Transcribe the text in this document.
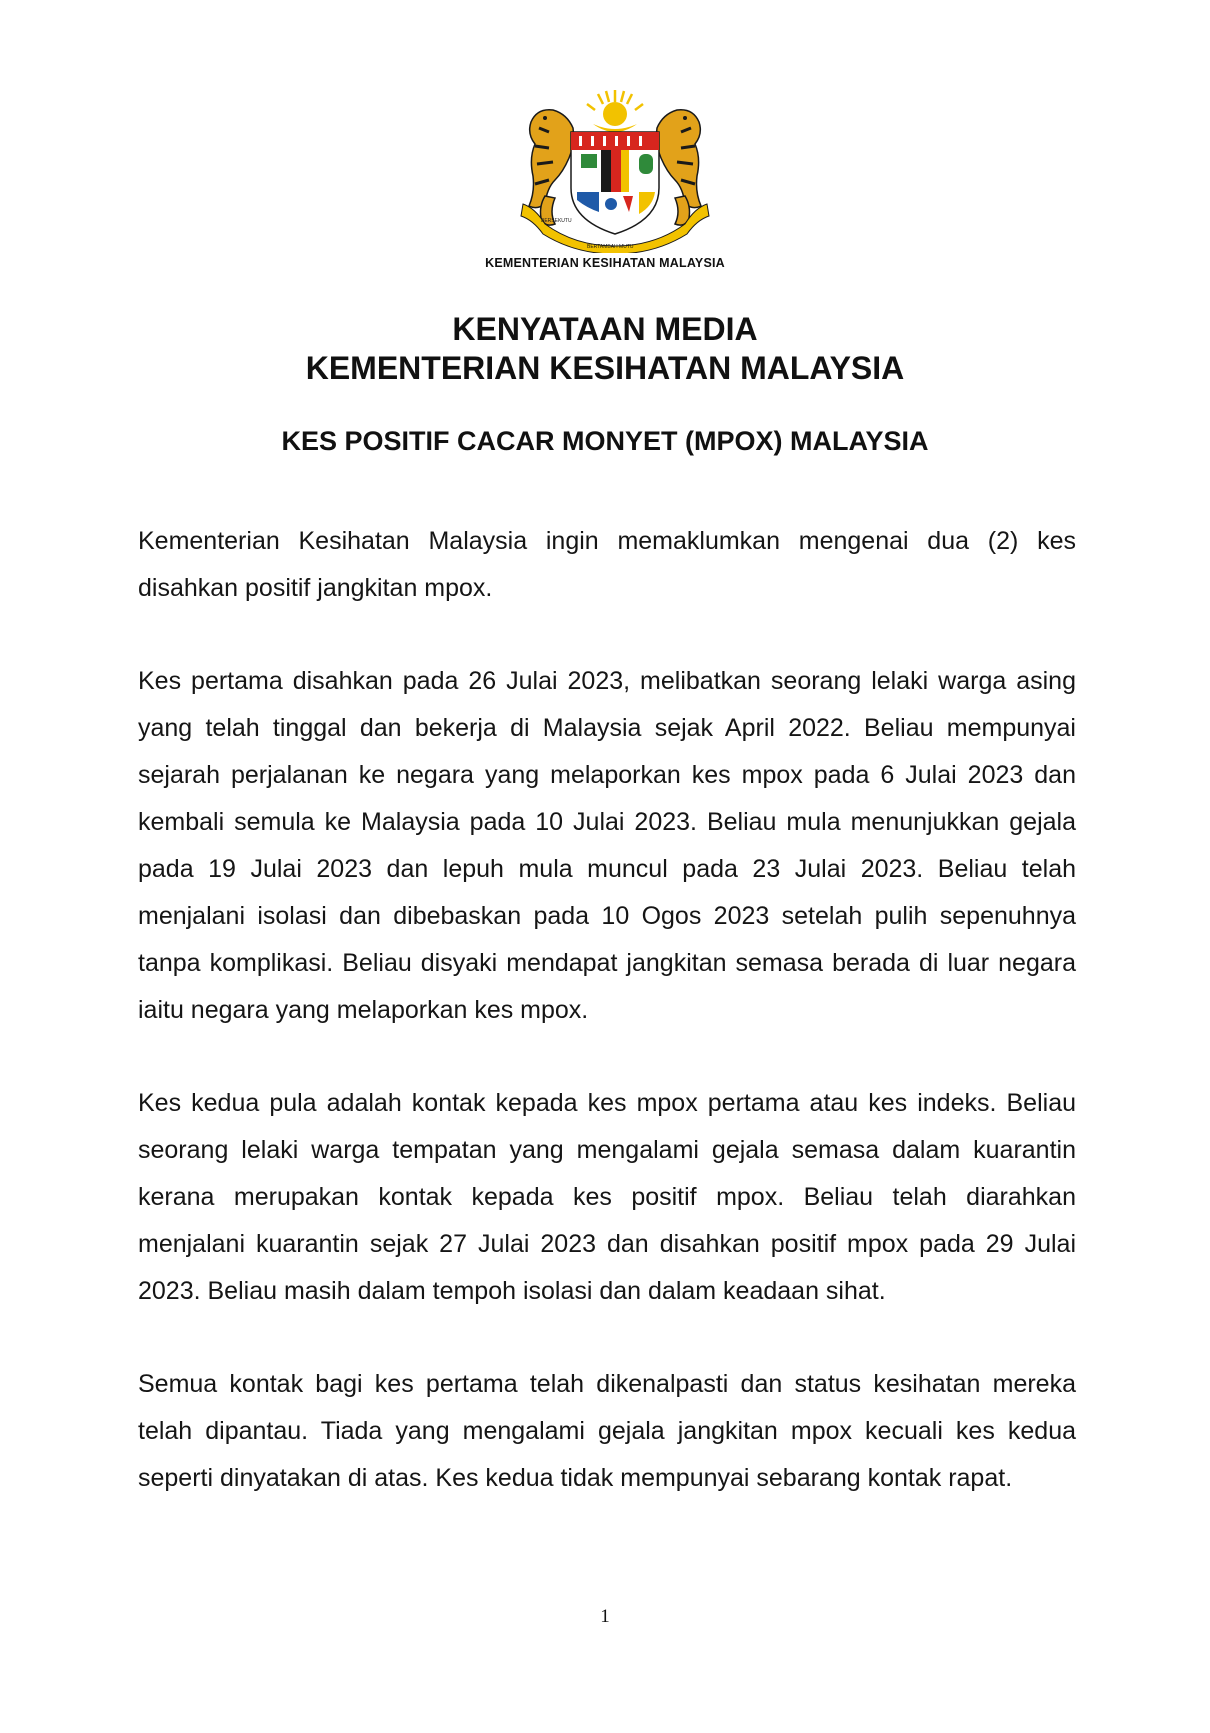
BERSEKUTU
BERTAMBAH MUTU
KEMENTERIAN KESIHATAN MALAYSIA
KENYATAAN MEDIA
KEMENTERIAN KESIHATAN MALAYSIA
KES POSITIF CACAR MONYET (MPOX) MALAYSIA

Kementerian Kesihatan Malaysia ingin memaklumkan mengenai dua (2) kes disahkan positif jangkitan mpox.

Kes pertama disahkan pada 26 Julai 2023, melibatkan seorang lelaki warga asing yang telah tinggal dan bekerja di Malaysia sejak April 2022. Beliau mempunyai sejarah perjalanan ke negara yang melaporkan kes mpox pada 6 Julai 2023 dan kembali semula ke Malaysia pada 10 Julai 2023. Beliau mula menunjukkan gejala pada 19 Julai 2023 dan lepuh mula muncul pada 23 Julai 2023. Beliau telah menjalani isolasi dan dibebaskan pada 10 Ogos 2023 setelah pulih sepenuhnya tanpa komplikasi. Beliau disyaki mendapat jangkitan semasa berada di luar negara iaitu negara yang melaporkan kes mpox.

Kes kedua pula adalah kontak kepada kes mpox pertama atau kes indeks. Beliau seorang lelaki warga tempatan yang mengalami gejala semasa dalam kuarantin kerana merupakan kontak kepada kes positif mpox. Beliau telah diarahkan menjalani kuarantin sejak 27 Julai 2023 dan disahkan positif mpox pada 29 Julai 2023. Beliau masih dalam tempoh isolasi dan dalam keadaan sihat.

Semua kontak bagi kes pertama telah dikenalpasti dan status kesihatan mereka telah dipantau. Tiada yang mengalami gejala jangkitan mpox kecuali kes kedua seperti dinyatakan di atas. Kes kedua tidak mempunyai sebarang kontak rapat.

1
